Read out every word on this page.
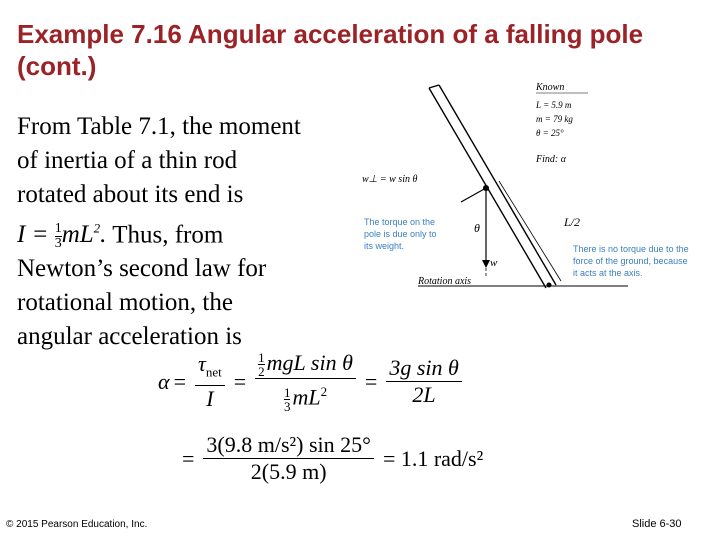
Example 7.16 Angular acceleration of a falling pole (cont.)
From Table 7.1, the moment
of inertia of a thin rod
rotated about its end is
$I = \frac{1}{3} mL^2$. Thus, from
Newton’s second law for
rotational motion, the
angular acceleration is
Known
L = 5.9 m
m = 79 kg
θ = 25°
Find: α
w⊥ = w sin θ
The torque on the
pole is due only to
its weight.
θ	L/2
w
There is no torque due to the
force of the ground, because
it acts at the axis.
Rotation axis
$\alpha = \frac{\tau_{net}}{I} = \frac{\frac{1}{2} mgL \sin \theta}{\frac{1}{3} mL^2} = \frac{\text{3g sin θ}}{2L}$
= $\frac{\text{3(9.8 m/s²) sin 25°}}{2(5.9 m)} = 1.1$ rad/s²
© 2015 Pearson Education, Inc.	Slide 6-30
